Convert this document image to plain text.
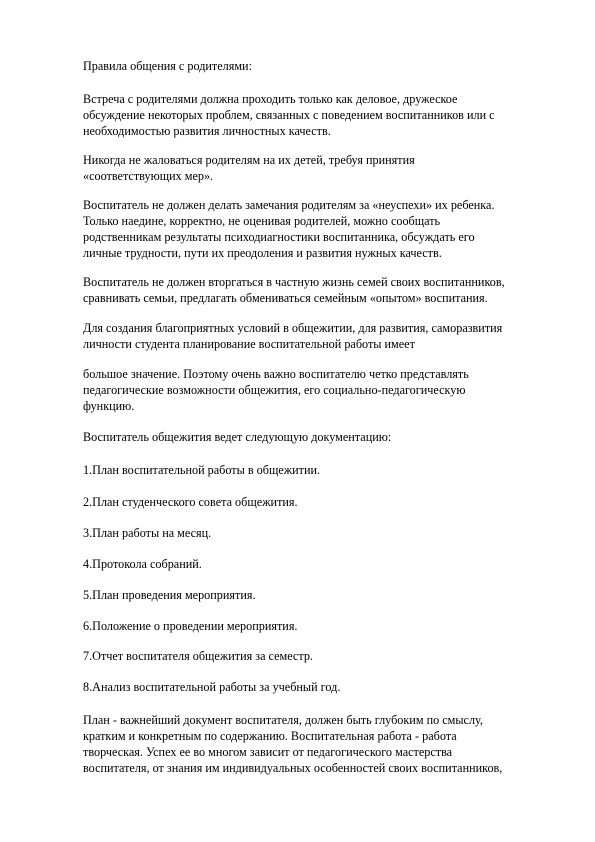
Правила общения с родителями:
Встреча с родителями должна проходить только как деловое, дружеское
обсуждение некоторых проблем, связанных с поведением воспитанников или с
необходимостью развития личностных качеств.
Никогда не жаловаться родителям на их детей, требуя принятия
«соответствующих мер».
Воспитатель не должен делать замечания родителям за «неуспехи» их ребенка.
Только наедине, корректно, не оценивая родителей, можно сообщать
родственникам результаты психодиагностики воспитанника, обсуждать его
личные трудности, пути их преодоления и развития нужных качеств.
Воспитатель не должен вторгаться в частную жизнь семей своих воспитанников,
сравнивать семьи, предлагать обмениваться семейным «опытом» воспитания.
Для создания благоприятных условий в общежитии, для развития, саморазвития
личности студента планирование воспитательной работы имеет
большое значение. Поэтому очень важно воспитателю четко представлять
педагогические возможности общежития, его социально-педагогическую
функцию.
Воспитатель общежития ведет следующую документацию:
1.План воспитательной работы в общежитии.
2.План студенческого совета общежития.
3.План работы на месяц.
4.Протокола собраний.
5.План проведения мероприятия.
6.Положение о проведении мероприятия.
7.Отчет воспитателя общежития за семестр.
8.Анализ воспитательной работы за учебный год.
План - важнейший документ воспитателя, должен быть глубоким по смыслу,
кратким и конкретным по содержанию. Воспитательная работа - работа
творческая. Успех ее во многом зависит от педагогического мастерства
воспитателя, от знания им индивидуальных особенностей своих воспитанников,
